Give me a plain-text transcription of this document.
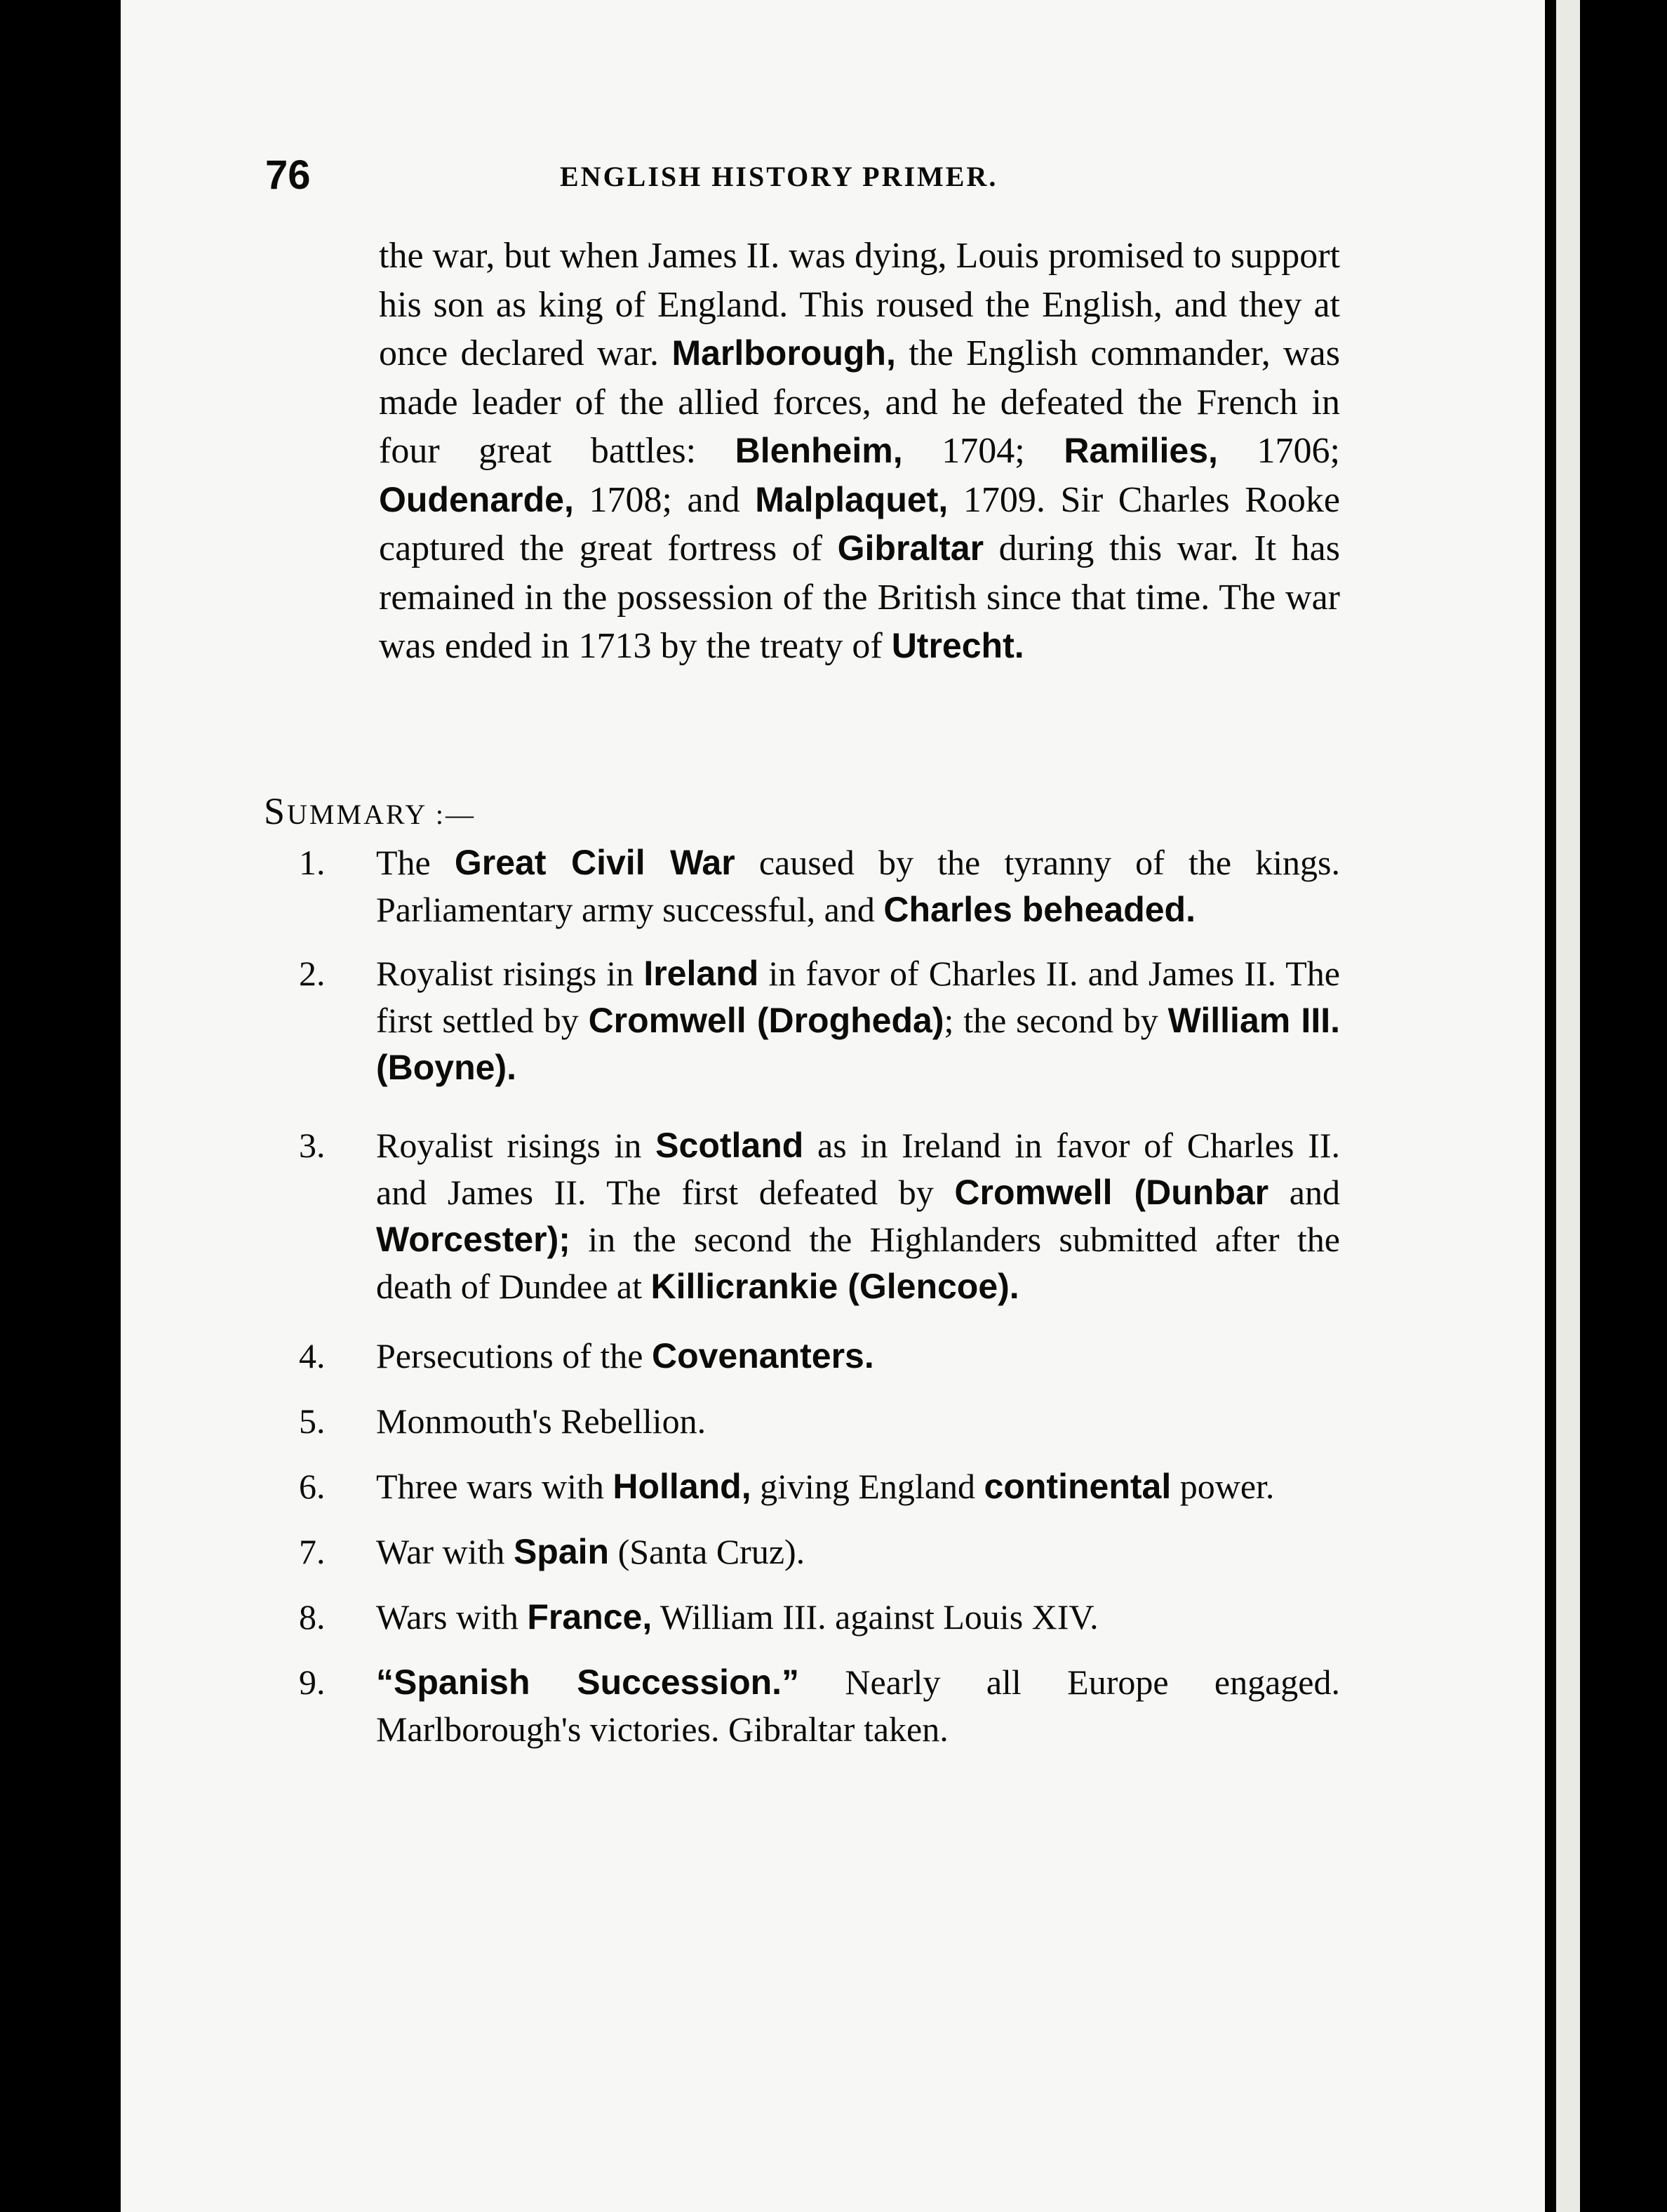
76	ENGLISH HISTORY PRIMER.
the war, but when James II. was dying, Louis promised to support his son as king of England. This roused the English, and they at once declared war. Marlborough, the English commander, was made leader of the allied forces, and he defeated the French in four great battles: Blenheim, 1704; Ramilies, 1706; Oudenarde, 1708; and Malplaquet, 1709. Sir Charles Rooke captured the great fortress of Gibraltar during this war. It has remained in the possession of the British since that time. The war was ended in 1713 by the treaty of Utrecht.
SUMMARY :—
1.	The Great Civil War caused by the tyranny of the kings. Parliamentary army successful, and Charles beheaded.
2.	Royalist risings in Ireland in favor of Charles II. and James II. The first settled by Cromwell (Drogheda); the second by William III. (Boyne).
3.	Royalist risings in Scotland as in Ireland in favor of Charles II. and James II. The first defeated by Cromwell (Dunbar and Worcester); in the second the Highlanders submitted after the death of Dundee at Killicrankie (Glencoe).
4.	Persecutions of the Covenanters.
5.	Monmouth's Rebellion.
6.	Three wars with Holland, giving England continental power.
7.	War with Spain (Santa Cruz).
8.	Wars with France, William III. against Louis XIV.
9.	“Spanish Succession.” Nearly all Europe engaged. Marlborough's victories. Gibraltar taken.
